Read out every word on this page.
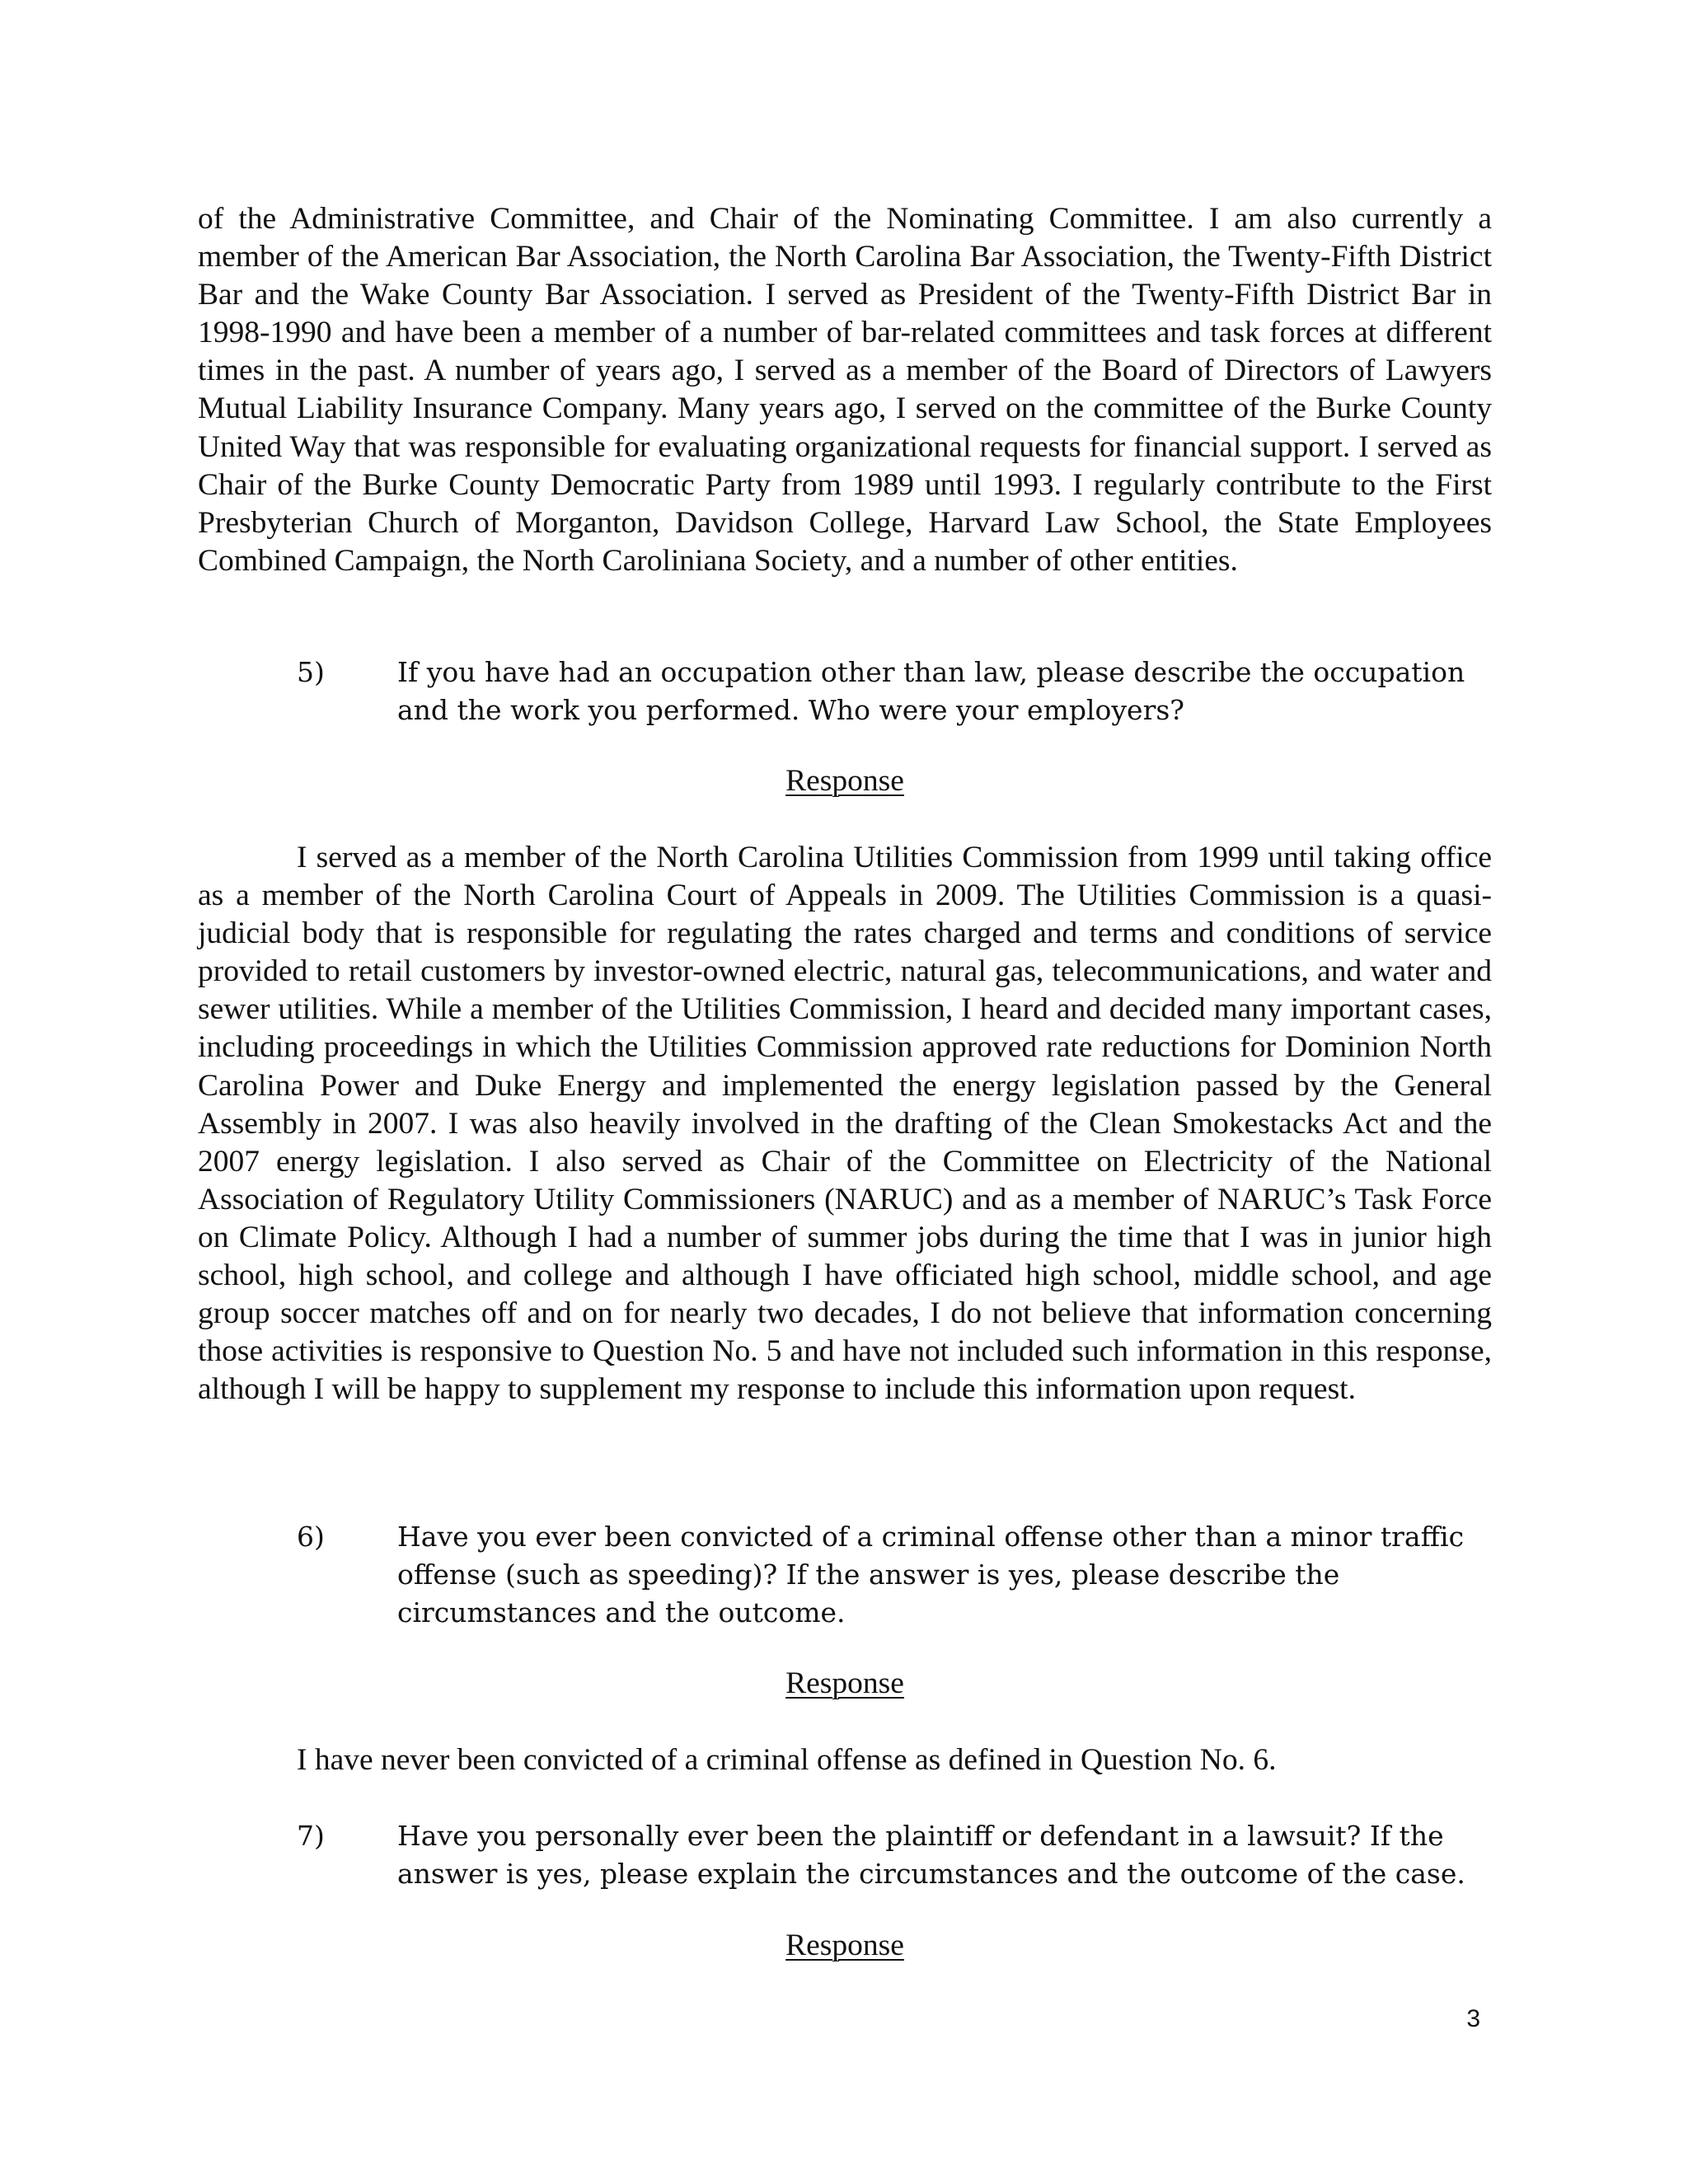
of the Administrative Committee, and Chair of the Nominating Committee. I am also currently a member of the American Bar Association, the North Carolina Bar Association, the Twenty-Fifth District Bar and the Wake County Bar Association. I served as President of the Twenty-Fifth District Bar in 1998-1990 and have been a member of a number of bar-related committees and task forces at different times in the past. A number of years ago, I served as a member of the Board of Directors of Lawyers Mutual Liability Insurance Company. Many years ago, I served on the committee of the Burke County United Way that was responsible for evaluating organizational requests for financial support. I served as Chair of the Burke County Democratic Party from 1989 until 1993. I regularly contribute to the First Presbyterian Church of Morganton, Davidson College, Harvard Law School, the State Employees Combined Campaign, the North Caroliniana Society, and a number of other entities.

5)	If you have had an occupation other than law, please describe the occupation and the work you performed. Who were your employers?

Response

I served as a member of the North Carolina Utilities Commission from 1999 until taking office as a member of the North Carolina Court of Appeals in 2009. The Utilities Commission is a quasi-judicial body that is responsible for regulating the rates charged and terms and conditions of service provided to retail customers by investor-owned electric, natural gas, telecommunications, and water and sewer utilities. While a member of the Utilities Commission, I heard and decided many important cases, including proceedings in which the Utilities Commission approved rate reductions for Dominion North Carolina Power and Duke Energy and implemented the energy legislation passed by the General Assembly in 2007. I was also heavily involved in the drafting of the Clean Smokestacks Act and the 2007 energy legislation. I also served as Chair of the Committee on Electricity of the National Association of Regulatory Utility Commissioners (NARUC) and as a member of NARUC’s Task Force on Climate Policy. Although I had a number of summer jobs during the time that I was in junior high school, high school, and college and although I have officiated high school, middle school, and age group soccer matches off and on for nearly two decades, I do not believe that information concerning those activities is responsive to Question No. 5 and have not included such information in this response, although I will be happy to supplement my response to include this information upon request.

6)	Have you ever been convicted of a criminal offense other than a minor traffic offense (such as speeding)? If the answer is yes, please describe the circumstances and the outcome.

Response

I have never been convicted of a criminal offense as defined in Question No. 6.

7)	Have you personally ever been the plaintiff or defendant in a lawsuit? If the answer is yes, please explain the circumstances and the outcome of the case.

Response

3
